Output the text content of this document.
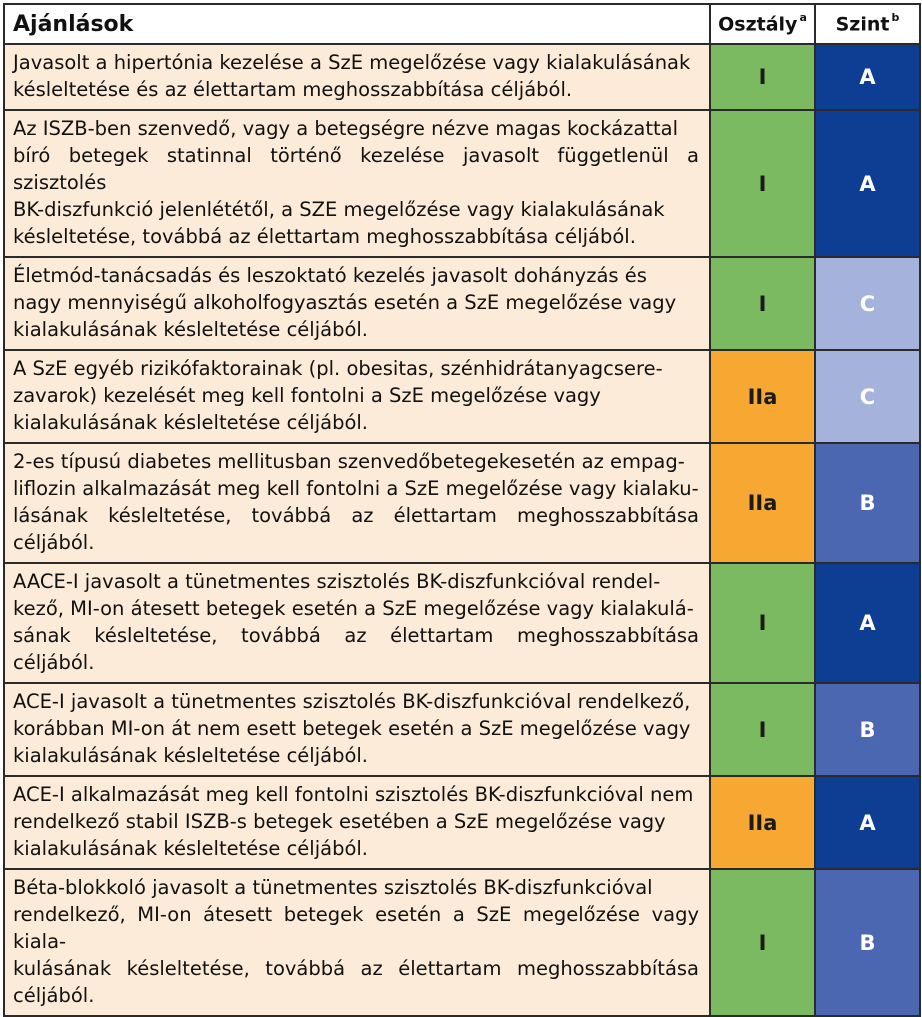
Ajánlások	Osztály $^a$	Szint $^b$

Javasolt a hipertónia kezelése a SzE megelőzése vagy kialakulásának
késleltetése és az élettartam meghosszabbítása céljából.	I	A

Az ISZB-ben szenvedő, vagy a betegségre nézve magas kockázattal
bíró betegek statinnal történő kezelése javasolt függetlenül a szisztolés
BK-diszfunkció jelenlététől, a SZE megelőzése vagy kialakulásának
késleltetése, továbbá az élettartam meghosszabbítása céljából.	I	A

Életmód-tanácsadás és leszoktató kezelés javasolt dohányzás és
nagy mennyiségű alkoholfogyasztás esetén a SzE megelőzése vagy
kialakulásának késleltetése céljából.	I	C

A SzE egyéb rizikófaktorainak (pl. obesitas, szénhidrátanyagcsere-
zavarok) kezelését meg kell fontolni a SzE megelőzése vagy
kialakulásának késleltetése céljából.	IIa	C

2-es típusú diabetes mellitusban szenvedőbetegekesetén az empag-
liflozin alkalmazását meg kell fontolni a SzE megelőzése vagy kialaku-
lásának késleltetése, továbbá az élettartam meghosszabbítása céljából.	IIa	B

AACE-I javasolt a tünetmentes szisztolés BK-diszfunkcióval rendel-
kező, MI-on átesett betegek esetén a SzE megelőzése vagy kialakulá-
sának késleltetése, továbbá az élettartam meghosszabbítása céljából.	I	A

ACE-I javasolt a tünetmentes szisztolés BK-diszfunkcióval rendelkező,
korábban MI-on át nem esett betegek esetén a SzE megelőzése vagy
kialakulásának késleltetése céljából.	I	B

ACE-I alkalmazását meg kell fontolni szisztolés BK-diszfunkcióval nem
rendelkező stabil ISZB-s betegek esetében a SzE megelőzése vagy
kialakulásának késleltetése céljából.	IIa	A

Béta-blokkoló javasolt a tünetmentes szisztolés BK-diszfunkcióval
rendelkező, MI-on átesett betegek esetén a SzE megelőzése vagy kiala-
kulásának késleltetése, továbbá az élettartam meghosszabbítása céljából.	I	B
